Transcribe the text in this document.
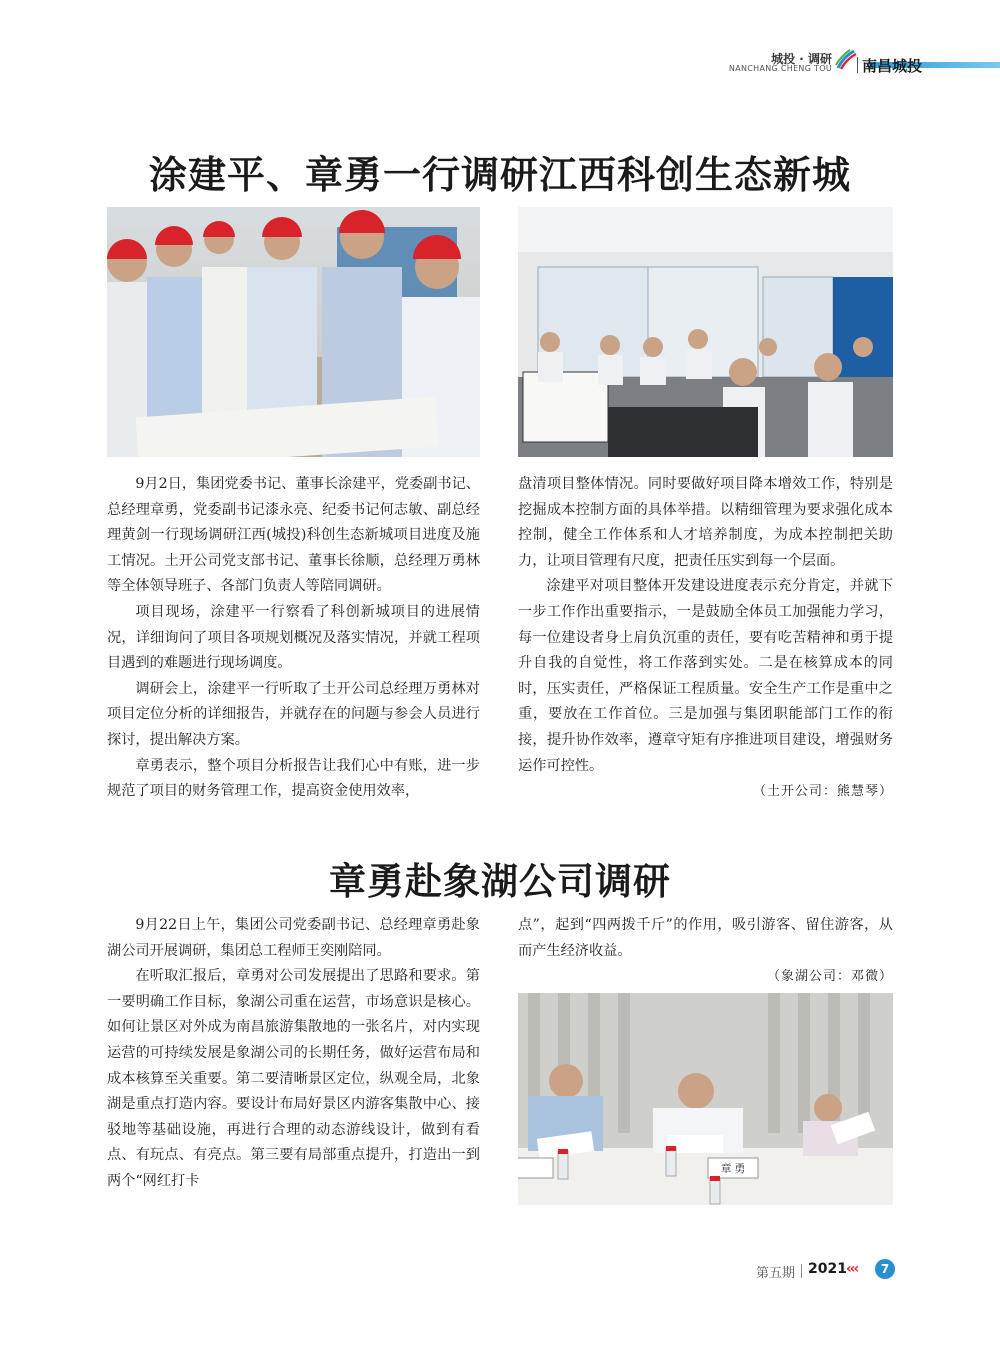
城投 · 调研
NANCHANG CHENG TOU 南昌城投
涂建平、章勇一行调研江西科创生态新城

9月2日，集团党委书记、董事长涂建平，党委副书记、总经理章勇，党委副书记漆永亮、纪委书记何志敏、副总经理黄剑一行现场调研江西(城投)科创生态新城项目进度及施工情况。土开公司党支部书记、董事长徐顺，总经理万勇林等全体领导班子、各部门负责人等陪同调研。

项目现场，涂建平一行察看了科创新城项目的进展情况，详细询问了项目各项规划概况及落实情况，并就工程项目遇到的难题进行现场调度。

调研会上，涂建平一行听取了土开公司总经理万勇林对项目定位分析的详细报告，并就存在的问题与参会人员进行探讨，提出解决方案。

章勇表示，整个项目分析报告让我们心中有账，进一步规范了项目的财务管理工作，提高资金使用效率，

盘清项目整体情况。同时要做好项目降本增效工作，特别是挖掘成本控制方面的具体举措。以精细管理为要求强化成本控制，健全工作体系和人才培养制度，为成本控制把关助力，让项目管理有尺度，把责任压实到每一个层面。

涂建平对项目整体开发建设进度表示充分肯定，并就下一步工作作出重要指示，一是鼓励全体员工加强能力学习，每一位建设者身上肩负沉重的责任，要有吃苦精神和勇于提升自我的自觉性，将工作落到实处。二是在核算成本的同时，压实责任，严格保证工程质量。安全生产工作是重中之重，要放在工作首位。三是加强与集团职能部门工作的衔接，提升协作效率，遵章守矩有序推进项目建设，增强财务运作可控性。

（土开公司：熊慧琴）
章勇赴象湖公司调研

9月22日上午，集团公司党委副书记、总经理章勇赴象湖公司开展调研，集团总工程师王奕刚陪同。

在听取汇报后，章勇对公司发展提出了思路和要求。第一要明确工作目标，象湖公司重在运营，市场意识是核心。如何让景区对外成为南昌旅游集散地的一张名片，对内实现运营的可持续发展是象湖公司的长期任务，做好运营布局和成本核算至关重要。第二要清晰景区定位，纵观全局，北象湖是重点打造内容。要设计布局好景区内游客集散中心、接驳地等基础设施，再进行合理的动态游线设计，做到有看点、有玩点、有亮点。第三要有局部重点提升，打造出一到两个“网红打卡

点”，起到“四两拨千斤”的作用，吸引游客、留住游客，从而产生经济收益。

（象湖公司：邓微）
章 勇
第五期 2021 ‹‹‹	7
